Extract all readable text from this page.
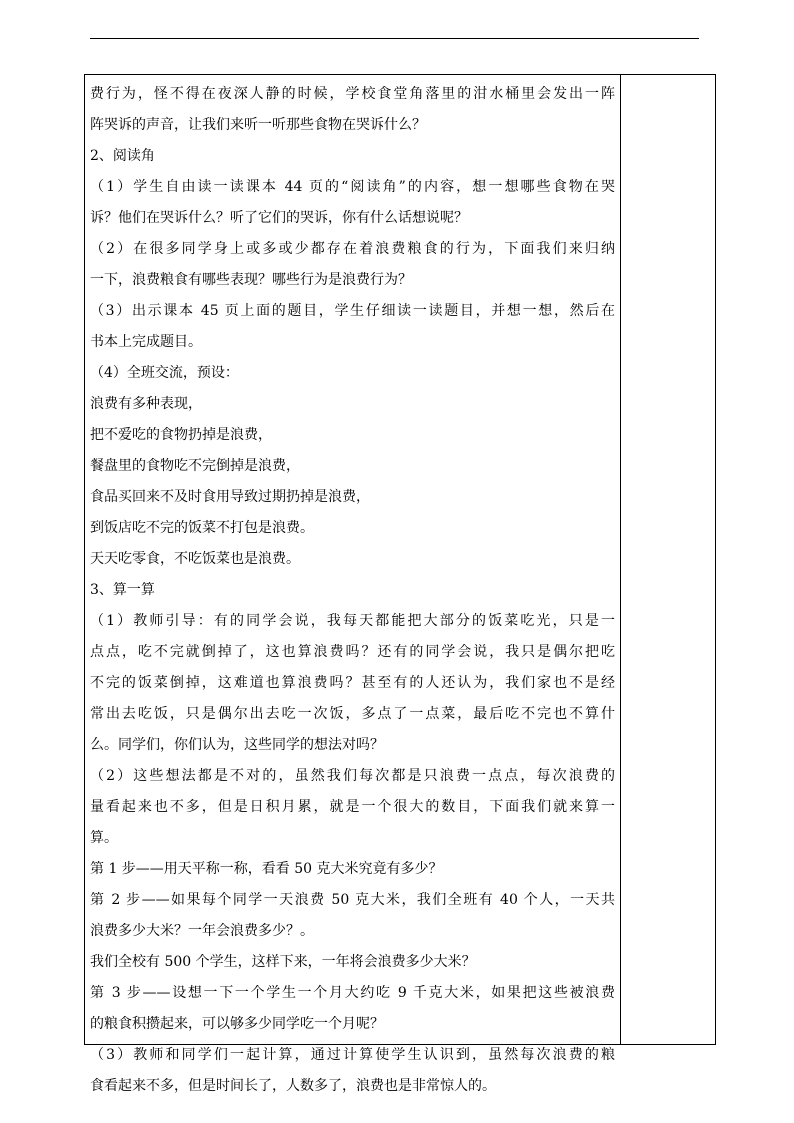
费行为，怪不得在夜深人静的时候，学校食堂角落里的泔水桶里会发出一阵
阵哭诉的声音，让我们来听一听那些食物在哭诉什么？
2、阅读角
（1）学生自由读一读课本 44 页的“阅读角”的内容，想一想哪些食物在哭
诉？他们在哭诉什么？听了它们的哭诉，你有什么话想说呢？
（2）在很多同学身上或多或少都存在着浪费粮食的行为，下面我们来归纳
一下，浪费粮食有哪些表现？哪些行为是浪费行为？
（3）出示课本 45 页上面的题目，学生仔细读一读题目，并想一想，然后在
书本上完成题目。
（4）全班交流，预设：
浪费有多种表现，
把不爱吃的食物扔掉是浪费，
餐盘里的食物吃不完倒掉是浪费，
食品买回来不及时食用导致过期扔掉是浪费，
到饭店吃不完的饭菜不打包是浪费。
天天吃零食，不吃饭菜也是浪费。
3、算一算
（1）教师引导：有的同学会说，我每天都能把大部分的饭菜吃光，只是一
点点，吃不完就倒掉了，这也算浪费吗？还有的同学会说，我只是偶尔把吃
不完的饭菜倒掉，这难道也算浪费吗？甚至有的人还认为，我们家也不是经
常出去吃饭，只是偶尔出去吃一次饭，多点了一点菜，最后吃不完也不算什
么。同学们，你们认为，这些同学的想法对吗？
（2）这些想法都是不对的，虽然我们每次都是只浪费一点点，每次浪费的
量看起来也不多，但是日积月累，就是一个很大的数目，下面我们就来算一
算。
第 1 步——用天平称一称，看看 50 克大米究竟有多少？
第 2 步——如果每个同学一天浪费 50 克大米，我们全班有 40 个人，一天共
浪费多少大米？一年会浪费多少？。
我们全校有 500 个学生，这样下来，一年将会浪费多少大米？
第 3 步——设想一下一个学生一个月大约吃 9 千克大米，如果把这些被浪费
的粮食积攒起来，可以够多少同学吃一个月呢？
（3）教师和同学们一起计算，通过计算使学生认识到，虽然每次浪费的粮
食看起来不多，但是时间长了，人数多了，浪费也是非常惊人的。
